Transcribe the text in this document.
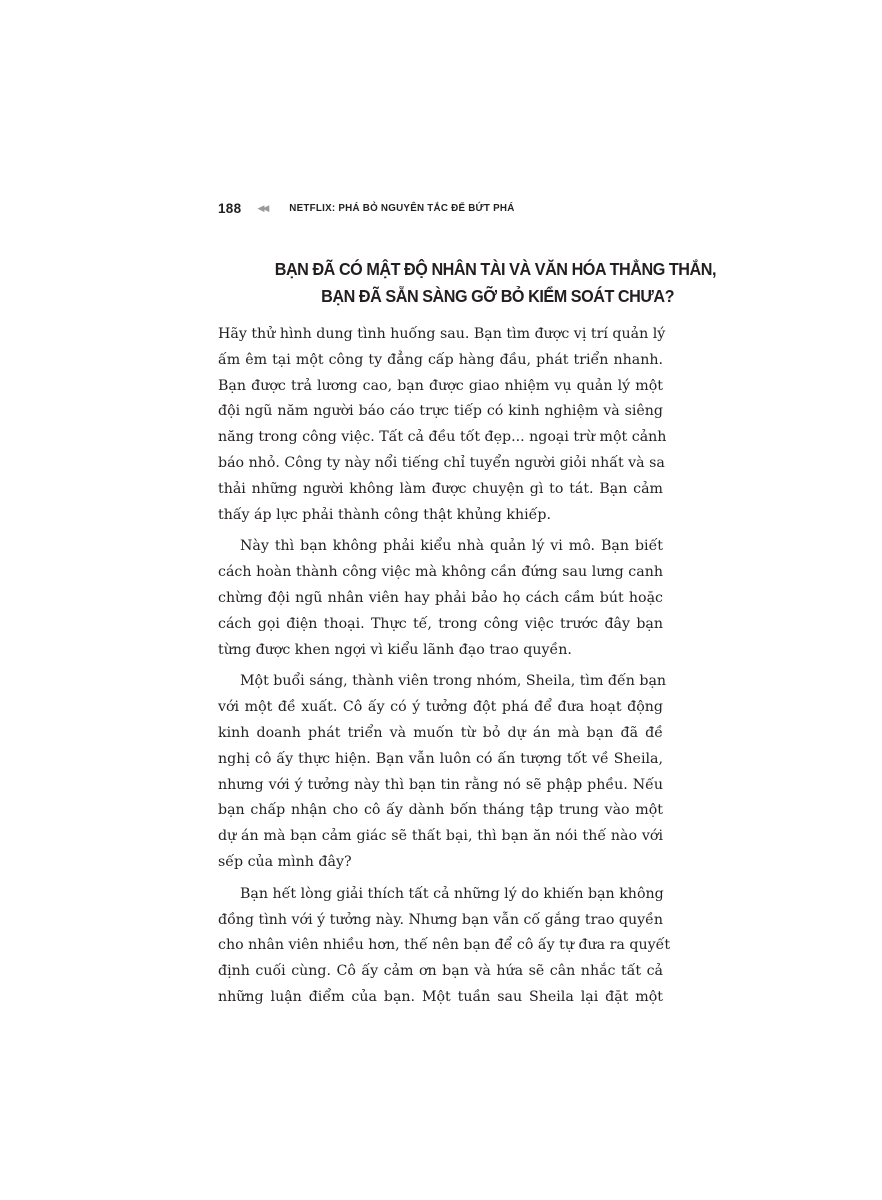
188 ◀◀ NETFLIX: PHÁ BỎ NGUYÊN TẮC ĐỂ BỨT PHÁ
BẠN ĐÃ CÓ MẬT ĐỘ NHÂN TÀI VÀ VĂN HÓA THẲNG THẮN,
BẠN ĐÃ SẴN SÀNG GỠ BỎ KIỂM SOÁT CHƯA?
Hãy thử hình dung tình huống sau. Bạn tìm được vị trí quản lý
ấm êm tại một công ty đẳng cấp hàng đầu, phát triển nhanh.
Bạn được trả lương cao, bạn được giao nhiệm vụ quản lý một
đội ngũ năm người báo cáo trực tiếp có kinh nghiệm và siêng
năng trong công việc. Tất cả đều tốt đẹp... ngoại trừ một cảnh
báo nhỏ. Công ty này nổi tiếng chỉ tuyển người giỏi nhất và sa
thải những người không làm được chuyện gì to tát. Bạn cảm
thấy áp lực phải thành công thật khủng khiếp.
Này thì bạn không phải kiểu nhà quản lý vi mô. Bạn biết
cách hoàn thành công việc mà không cần đứng sau lưng canh
chừng đội ngũ nhân viên hay phải bảo họ cách cầm bút hoặc
cách gọi điện thoại. Thực tế, trong công việc trước đây bạn
từng được khen ngợi vì kiểu lãnh đạo trao quyền.
Một buổi sáng, thành viên trong nhóm, Sheila, tìm đến bạn
với một đề xuất. Cô ấy có ý tưởng đột phá để đưa hoạt động
kinh doanh phát triển và muốn từ bỏ dự án mà bạn đã đề
nghị cô ấy thực hiện. Bạn vẫn luôn có ấn tượng tốt về Sheila,
nhưng với ý tưởng này thì bạn tin rằng nó sẽ phập phều. Nếu
bạn chấp nhận cho cô ấy dành bốn tháng tập trung vào một
dự án mà bạn cảm giác sẽ thất bại, thì bạn ăn nói thế nào với
sếp của mình đây?
Bạn hết lòng giải thích tất cả những lý do khiến bạn không
đồng tình với ý tưởng này. Nhưng bạn vẫn cố gắng trao quyền
cho nhân viên nhiều hơn, thế nên bạn để cô ấy tự đưa ra quyết
định cuối cùng. Cô ấy cảm ơn bạn và hứa sẽ cân nhắc tất cả
những luận điểm của bạn. Một tuần sau Sheila lại đặt một
